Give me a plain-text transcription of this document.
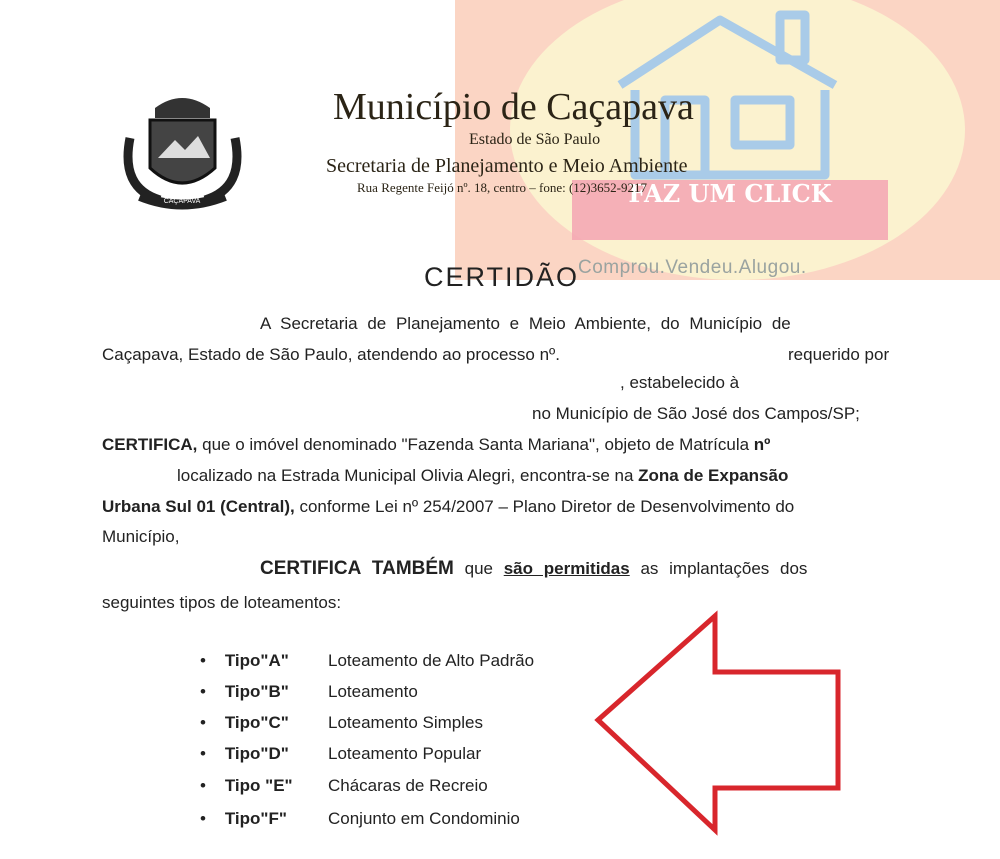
FAZ UM CLICK
Comprou.Vendeu.Alugou.
CAÇAPAVA
Município de Caçapava
Estado de São Paulo
Secretaria de Planejamento e Meio Ambiente
Rua Regente Feijó nº. 18, centro – fone: (12)3652-9217
CERTIDÃO
A Secretaria de Planejamento e Meio Ambiente, do Município de
Caçapava, Estado de São Paulo, atendendo ao processo nº.	requerido por
, estabelecido à
no Município de São José dos Campos/SP;
CERTIFICA, que o imóvel denominado "Fazenda Santa Mariana", objeto de Matrícula nº
localizado na Estrada Municipal Olivia Alegri, encontra-se na Zona de Expansão
Urbana Sul 01 (Central), conforme Lei nº 254/2007 – Plano Diretor de Desenvolvimento do
Município,
CERTIFICA TAMBÉM que são permitidas as implantações dos
seguintes tipos de loteamentos:
•    Tipo"A" Loteamento de Alto Padrão
•    Tipo"B" Loteamento
•    Tipo"C" Loteamento Simples
•    Tipo"D" Loteamento Popular
•    Tipo "E" Chácaras de Recreio
•    Tipo"F" Conjunto em Condominio
